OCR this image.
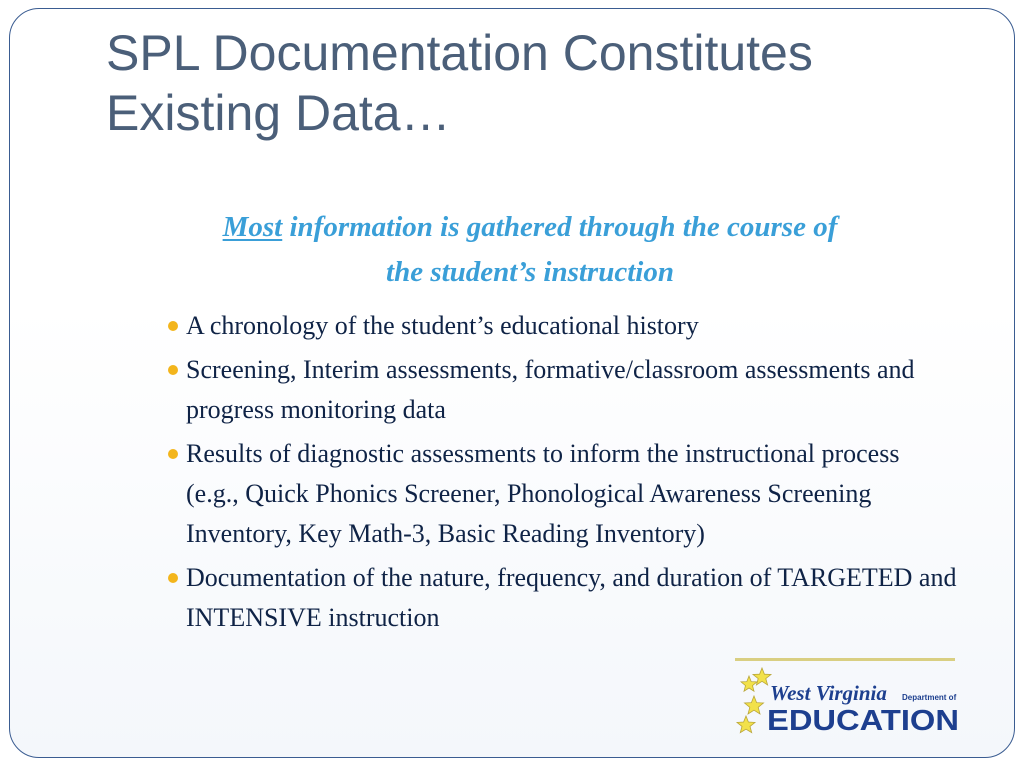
SPL Documentation Constitutes
Existing Data…
Most information is gathered through the course of
the student’s instruction
A chronology of the student’s educational history
Screening, Interim assessments, formative/classroom assessments and progress monitoring data
Results of diagnostic assessments to inform the instructional process (e.g., Quick Phonics Screener, Phonological Awareness Screening Inventory, Key Math-3, Basic Reading Inventory)
Documentation of the nature, frequency, and duration of TARGETED and INTENSIVE instruction
West Virginia Department of
EDUCATION
